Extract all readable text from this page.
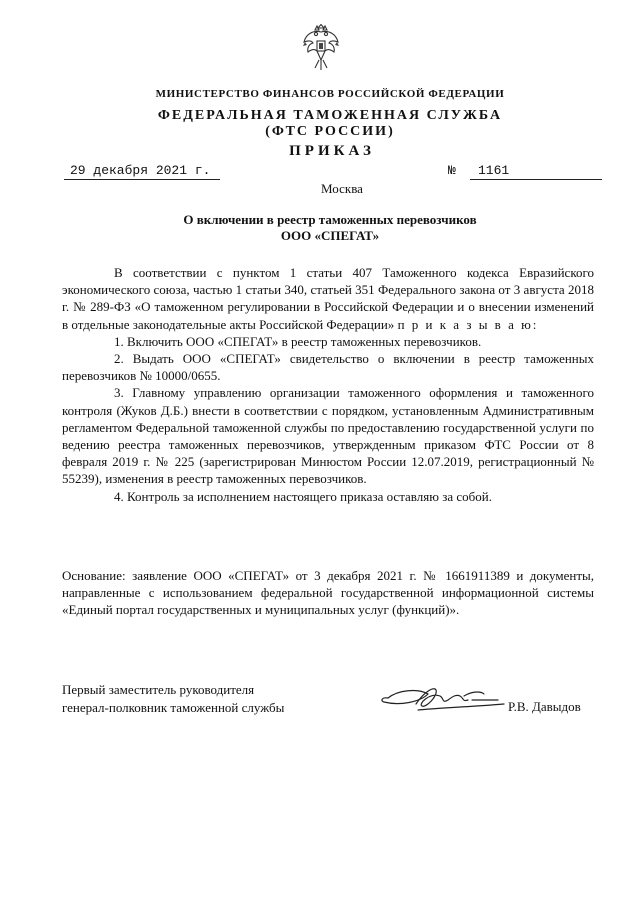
МИНИСТЕРСТВО ФИНАНСОВ РОССИЙСКОЙ ФЕДЕРАЦИИ
ФЕДЕРАЛЬНАЯ ТАМОЖЕННАЯ СЛУЖБА
(ФТС РОССИИ)
ПРИКАЗ
29 декабря 2021 г.	№	1161
Москва
О включении в реестр таможенных перевозчиков
ООО «СПЕГАТ»

В соответствии с пунктом 1 статьи 407 Таможенного кодекса Евразийского экономического союза, частью 1 статьи 340, статьей 351 Федерального закона от 3 августа 2018 г. № 289-ФЗ «О таможенном регулировании в Российской Федерации и о внесении изменений в отдельные законодательные акты Российской Федерации» п р и к а з ы в а ю:

1. Включить ООО «СПЕГАТ» в реестр таможенных перевозчиков.

2. Выдать ООО «СПЕГАТ» свидетельство о включении в реестр таможенных перевозчиков № 10000/0655.

3. Главному управлению организации таможенного оформления и таможенного контроля (Жуков Д.Б.) внести в соответствии с порядком, установленным Административным регламентом Федеральной таможенной службы по предоставлению государственной услуги по ведению реестра таможенных перевозчиков, утвержденным приказом ФТС России от 8 февраля 2019 г. № 225 (зарегистрирован Минюстом России 12.07.2019, регистрационный № 55239), изменения в реестр таможенных перевозчиков.

4. Контроль за исполнением настоящего приказа оставляю за собой.

Основание: заявление ООО «СПЕГАТ» от 3 декабря 2021 г. № 1661911389 и документы, направленные с использованием федеральной государственной информационной системы «Единый портал государственных и муниципальных услуг (функций)».

Первый заместитель руководителя
генерал-полковник таможенной службы	Р.В. Давыдов
